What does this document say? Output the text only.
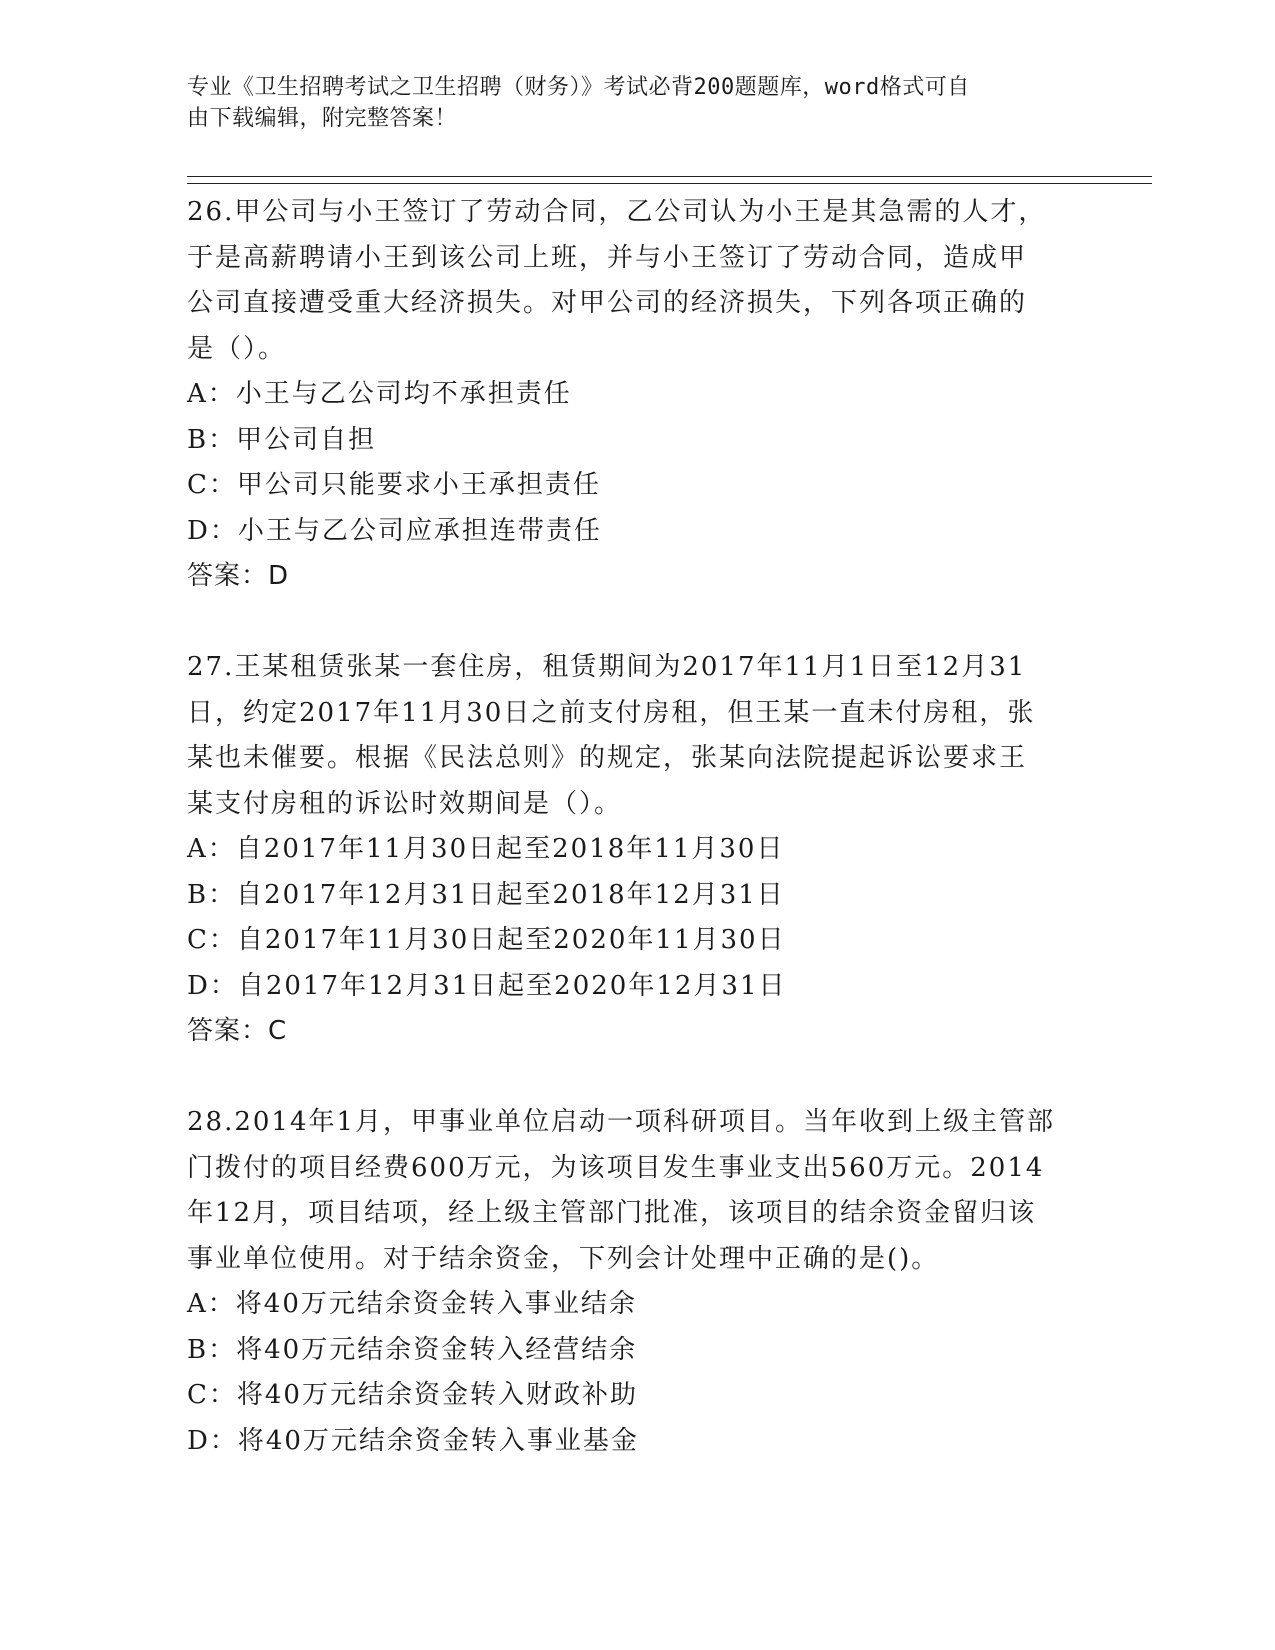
专业《卫生招聘考试之卫生招聘（财务）》考试必背200题题库，word格式可自
由下载编辑，附完整答案！

26.甲公司与小王签订了劳动合同，乙公司认为小王是其急需的人才，

于是高薪聘请小王到该公司上班，并与小王签订了劳动合同，造成甲

公司直接遭受重大经济损失。对甲公司的经济损失，下列各项正确的

是（）。

A：小王与乙公司均不承担责任

B：甲公司自担

C：甲公司只能要求小王承担责任

D：小王与乙公司应承担连带责任

答案：D

27.王某租赁张某一套住房，租赁期间为2017年11月1日至12月31

日，约定2017年11月30日之前支付房租，但王某一直未付房租，张

某也未催要。根据《民法总则》的规定，张某向法院提起诉讼要求王

某支付房租的诉讼时效期间是（）。

A：自2017年11月30日起至2018年11月30日

B：自2017年12月31日起至2018年12月31日

C：自2017年11月30日起至2020年11月30日

D：自2017年12月31日起至2020年12月31日

答案：C

28.2014年1月，甲事业单位启动一项科研项目。当年收到上级主管部

门拨付的项目经费600万元，为该项目发生事业支出560万元。2014

年12月，项目结项，经上级主管部门批准，该项目的结余资金留归该

事业单位使用。对于结余资金，下列会计处理中正确的是()。

A：将40万元结余资金转入事业结余

B：将40万元结余资金转入经营结余

C：将40万元结余资金转入财政补助

D：将40万元结余资金转入事业基金
